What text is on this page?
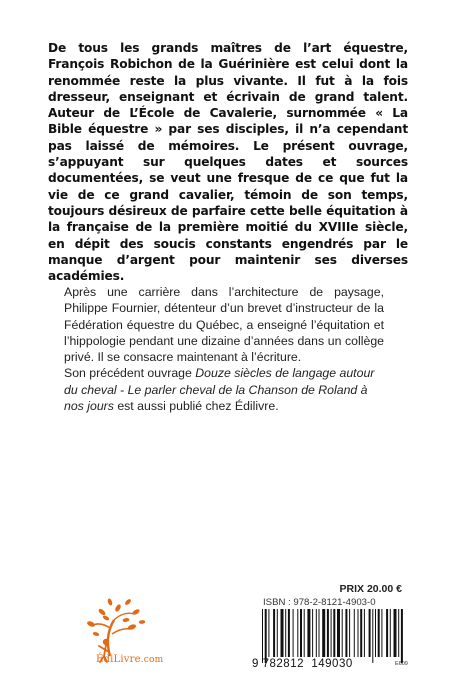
De tous les grands maîtres de l’art équestre, François Robichon de la Guérinière est celui dont la renommée reste la plus vivante. Il fut à la fois dresseur, enseignant et écrivain de grand talent. Auteur de L’École de Cavalerie, surnommée « La Bible équestre » par ses disciples, il n’a cependant pas laissé de mémoires. Le présent ouvrage, s’appuyant sur quelques dates et sources documentées, se veut une fresque de ce que fut la vie de ce grand cavalier, témoin de son temps, toujours désireux de parfaire cette belle équitation à la française de la première moitié du XVIIIe siècle, en dépit des soucis constants engendrés par le manque d’argent pour maintenir ses diverses académies.

Après une carrière dans l’architecture de paysage, Philippe Fournier, détenteur d’un brevet d’instructeur de la Fédération équestre du Québec, a enseigné l’équitation et l’hippologie pendant une dizaine d’années dans un collège privé. Il se consacre maintenant à l’écriture.

Son précédent ouvrage Douze siècles de langage autour du cheval - Le parler cheval de la Chanson de Roland à nos jours est aussi publié chez Édilivre.

ÉdiLivre.com
PRIX 20.00 €
ISBN : 978-2-8121-4903-0
9 782812 149030	E609
